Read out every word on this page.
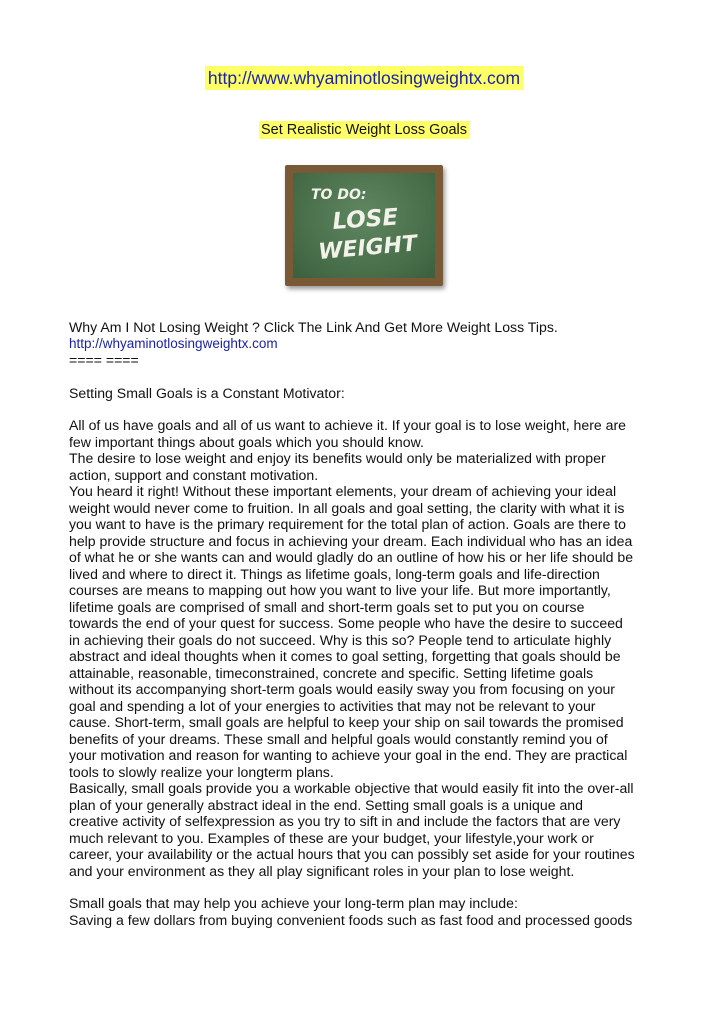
http://www.whyaminotlosingweightx.com
Set Realistic Weight Loss Goals
TO DO:
LOSE
WEIGHT

Why Am I Not Losing Weight ? Click The Link And Get More Weight Loss Tips.

http://whyaminotlosingweightx.com

==== ====

Setting Small Goals is a Constant Motivator:

All of us have goals and all of us want to achieve it. If your goal is to lose weight, here are

few important things about goals which you should know.

The desire to lose weight and enjoy its benefits would only be materialized with proper

action, support and constant motivation.

You heard it right! Without these important elements, your dream of achieving your ideal

weight would never come to fruition. In all goals and goal setting, the clarity with what it is

you want to have is the primary requirement for the total plan of action. Goals are there to

help provide structure and focus in achieving your dream. Each individual who has an idea

of what he or she wants can and would gladly do an outline of how his or her life should be

lived and where to direct it. Things as lifetime goals, long-term goals and life-direction

courses are means to mapping out how you want to live your life. But more importantly,

lifetime goals are comprised of small and short-term goals set to put you on course

towards the end of your quest for success. Some people who have the desire to succeed

in achieving their goals do not succeed. Why is this so? People tend to articulate highly

abstract and ideal thoughts when it comes to goal setting, forgetting that goals should be

attainable, reasonable, timeconstrained, concrete and specific. Setting lifetime goals

without its accompanying short-term goals would easily sway you from focusing on your

goal and spending a lot of your energies to activities that may not be relevant to your

cause. Short-term, small goals are helpful to keep your ship on sail towards the promised

benefits of your dreams. These small and helpful goals would constantly remind you of

your motivation and reason for wanting to achieve your goal in the end. They are practical

tools to slowly realize your longterm plans.

Basically, small goals provide you a workable objective that would easily fit into the over-all

plan of your generally abstract ideal in the end. Setting small goals is a unique and

creative activity of selfexpression as you try to sift in and include the factors that are very

much relevant to you. Examples of these are your budget, your lifestyle,your work or

career, your availability or the actual hours that you can possibly set aside for your routines

and your environment as they all play significant roles in your plan to lose weight.

Small goals that may help you achieve your long-term plan may include:

Saving a few dollars from buying convenient foods such as fast food and processed goods
